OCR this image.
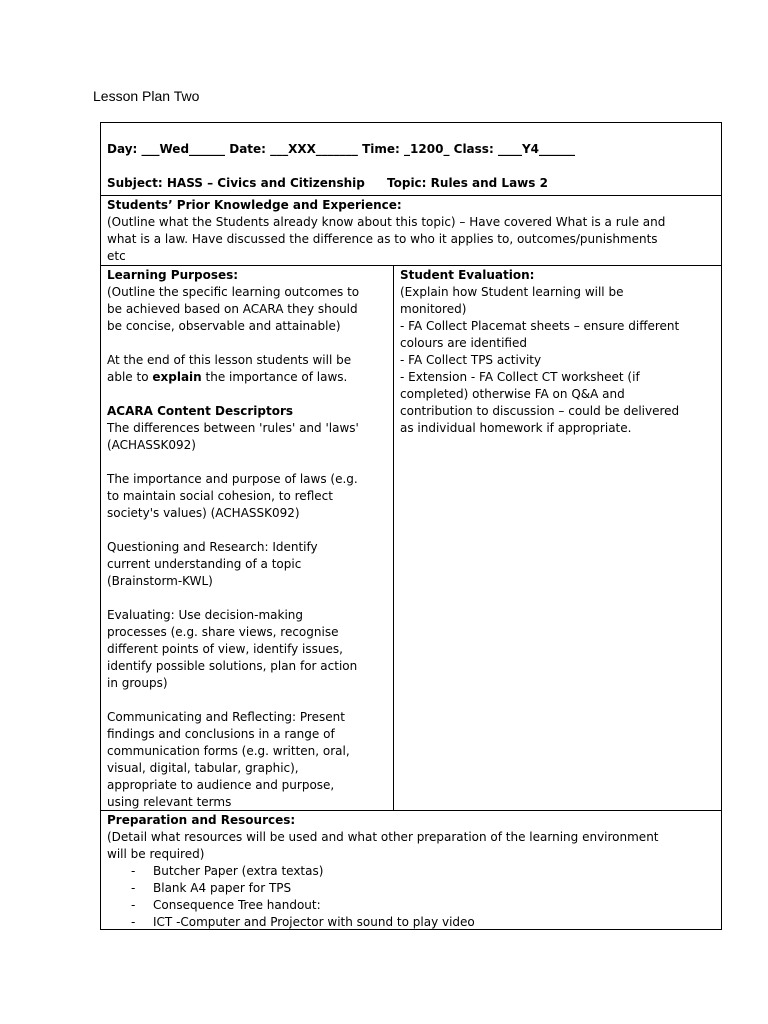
Lesson Plan Two
Day: ___Wed______ Date: ___XXX_______ Time: _1200_ Class: ____Y4______
Subject: HASS – Civics and Citizenship Topic: Rules and Laws 2
Students’ Prior Knowledge and Experience:
(Outline what the Students already know about this topic) – Have covered What is a rule and
what is a law. Have discussed the difference as to who it applies to, outcomes/punishments
etc
Learning Purposes:
(Outline the specific learning outcomes to
be achieved based on ACARA they should
be concise, observable and attainable)
At the end of this lesson students will be
able to explain the importance of laws.
ACARA Content Descriptors
The differences between 'rules' and 'laws'
(ACHASSK092)
The importance and purpose of laws (e.g.
to maintain social cohesion, to reflect
society's values) (ACHASSK092)
Questioning and Research: Identify
current understanding of a topic
(Brainstorm-KWL)
Evaluating: Use decision-making
processes (e.g. share views, recognise
different points of view, identify issues,
identify possible solutions, plan for action
in groups)
Communicating and Reflecting: Present
findings and conclusions in a range of
communication forms (e.g. written, oral,
visual, digital, tabular, graphic),
appropriate to audience and purpose,
using relevant terms
Student Evaluation:
(Explain how Student learning will be
monitored)
- FA Collect Placemat sheets – ensure different
colours are identified
- FA Collect TPS activity
- Extension - FA Collect CT worksheet (if
completed) otherwise FA on Q&A and
contribution to discussion – could be delivered
as individual homework if appropriate.
Preparation and Resources:
(Detail what resources will be used and what other preparation of the learning environment
will be required)
- Butcher Paper (extra textas)
- Blank A4 paper for TPS
- Consequence Tree handout:
- ICT -Computer and Projector with sound to play video
